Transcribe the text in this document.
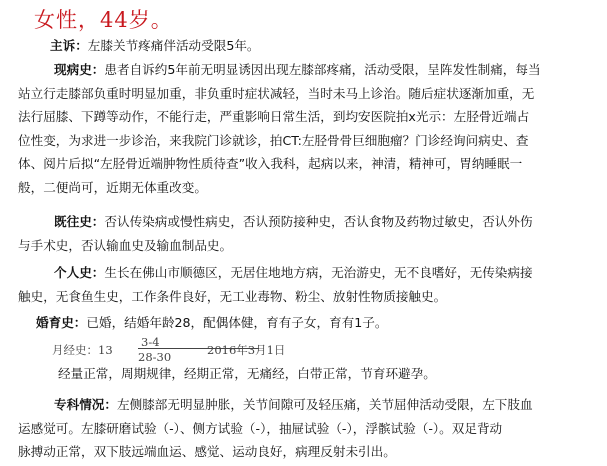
女性，44岁。

主诉：左膝关节疼痛伴活动受限5年。

现病史：患者自诉约5年前无明显诱因出现左膝部疼痛，活动受限，呈阵发性制痛，每当
站立行走膝部负重时明显加重，非负重时症状减轻，当时未马上诊治。随后症状逐渐加重，无
法行屈膝、下蹲等动作，不能行走，严重影响日常生活，到均安医院拍x光示：左胫骨近端占
位性变，为求进一步诊治，来我院门诊就诊，拍CT:左胫骨骨巨细胞瘤？门诊经询问病史、查
体、阅片后拟“左胫骨近端肿物性质待查”收入我科，起病以来，神清，精神可，胃纳睡眠一
般，二便尚可，近期无体重改变。

既往史：否认传染病或慢性病史，否认预防接种史，否认食物及药物过敏史，否认外伤
与手术史，否认输血史及输血制品史。

个人史：生长在佛山市顺德区，无居住地地方病，无治游史，无不良嗜好，无传染病接
触史，无食鱼生史，工作条件良好，无工业毒物、粉尘、放射性物质接触史。

婚育史：已婚，结婚年龄28，配偶体健，育有子女，育有1子。

月经史：13
3-4
28-30	2016年3月1日

经量正常，周期规律，经期正常，无痛经，白带正常，节育环避孕。

专科情况：左侧膝部无明显肿胀，关节间隙可及轻压痛，关节屈伸活动受限，左下肢血
运感觉可。左膝研磨试验（-）、侧方试验（-），抽屉试验（-），浮髌试验（-）。双足背动
脉搏动正常，双下肢远端血运、感觉、运动良好，病理反射未引出。
